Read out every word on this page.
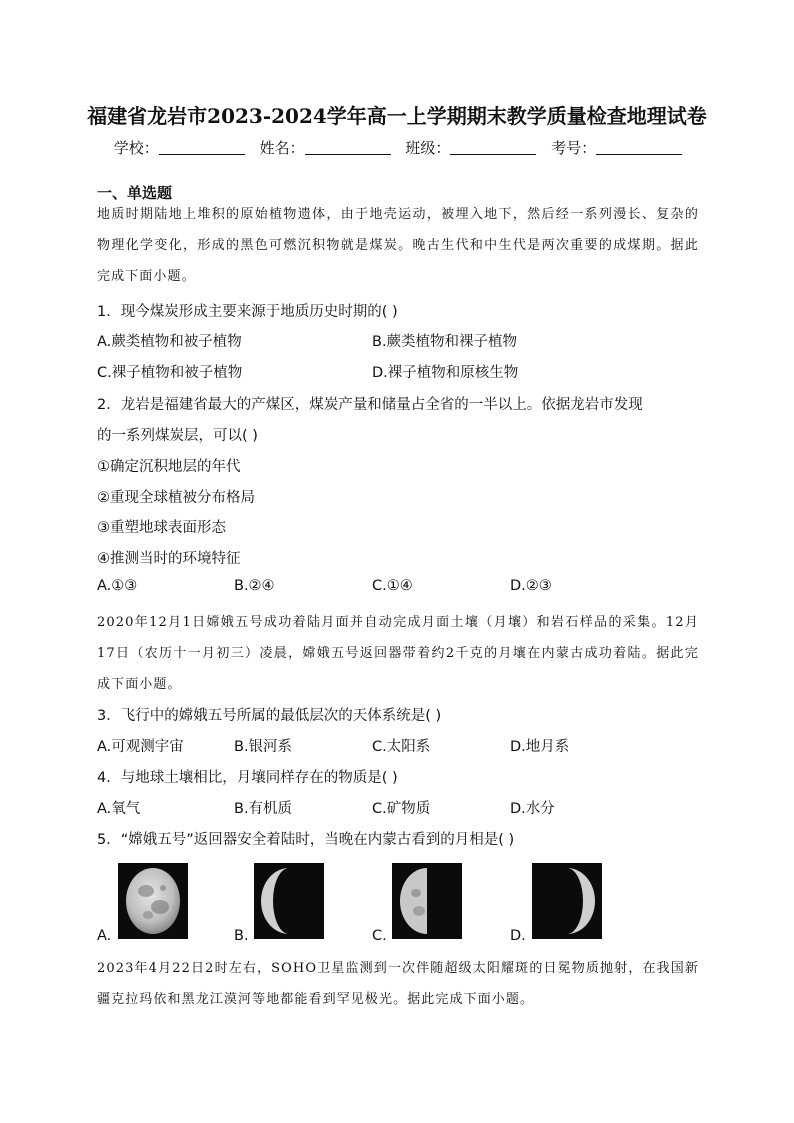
福建省龙岩市2023-2024学年高一上学期期末教学质量检查地理试卷
学校：	姓名：	班级：	考号：
一、单选题
地质时期陆地上堆积的原始植物遗体，由于地壳运动，被埋入地下，然后经一系列漫长、复杂的物理化学变化，形成的黑色可燃沉积物就是煤炭。晚古生代和中生代是两次重要的成煤期。据此完成下面小题。
1．现今煤炭形成主要来源于地质历史时期的( )
A.蕨类植物和被子植物	B.蕨类植物和裸子植物
C.裸子植物和被子植物	D.裸子植物和原核生物
2．龙岩是福建省最大的产煤区，煤炭产量和储量占全省的一半以上。依据龙岩市发现
的一系列煤炭层，可以( )
①确定沉积地层的年代
②重现全球植被分布格局
③重塑地球表面形态
④推测当时的环境特征
A.①③	B.②④	C.①④	D.②③
2020年12月1日嫦娥五号成功着陆月面并自动完成月面土壤（月壤）和岩石样品的采集。12月17日（农历十一月初三）凌晨，嫦娥五号返回器带着约2千克的月壤在内蒙古成功着陆。据此完成下面小题。
3．飞行中的嫦娥五号所属的最低层次的天体系统是( )
A.可观测宇宙	B.银河系	C.太阳系	D.地月系
4．与地球土壤相比，月壤同样存在的物质是( )
A.氧气	B.有机质	C.矿物质	D.水分
5．“嫦娥五号”返回器安全着陆时，当晚在内蒙古看到的月相是( )
A.	B.	C.	D.
2023年4月22日2时左右，SOHO卫星监测到一次伴随超级太阳耀斑的日冕物质抛射，在我国新疆克拉玛依和黑龙江漠河等地都能看到罕见极光。据此完成下面小题。
